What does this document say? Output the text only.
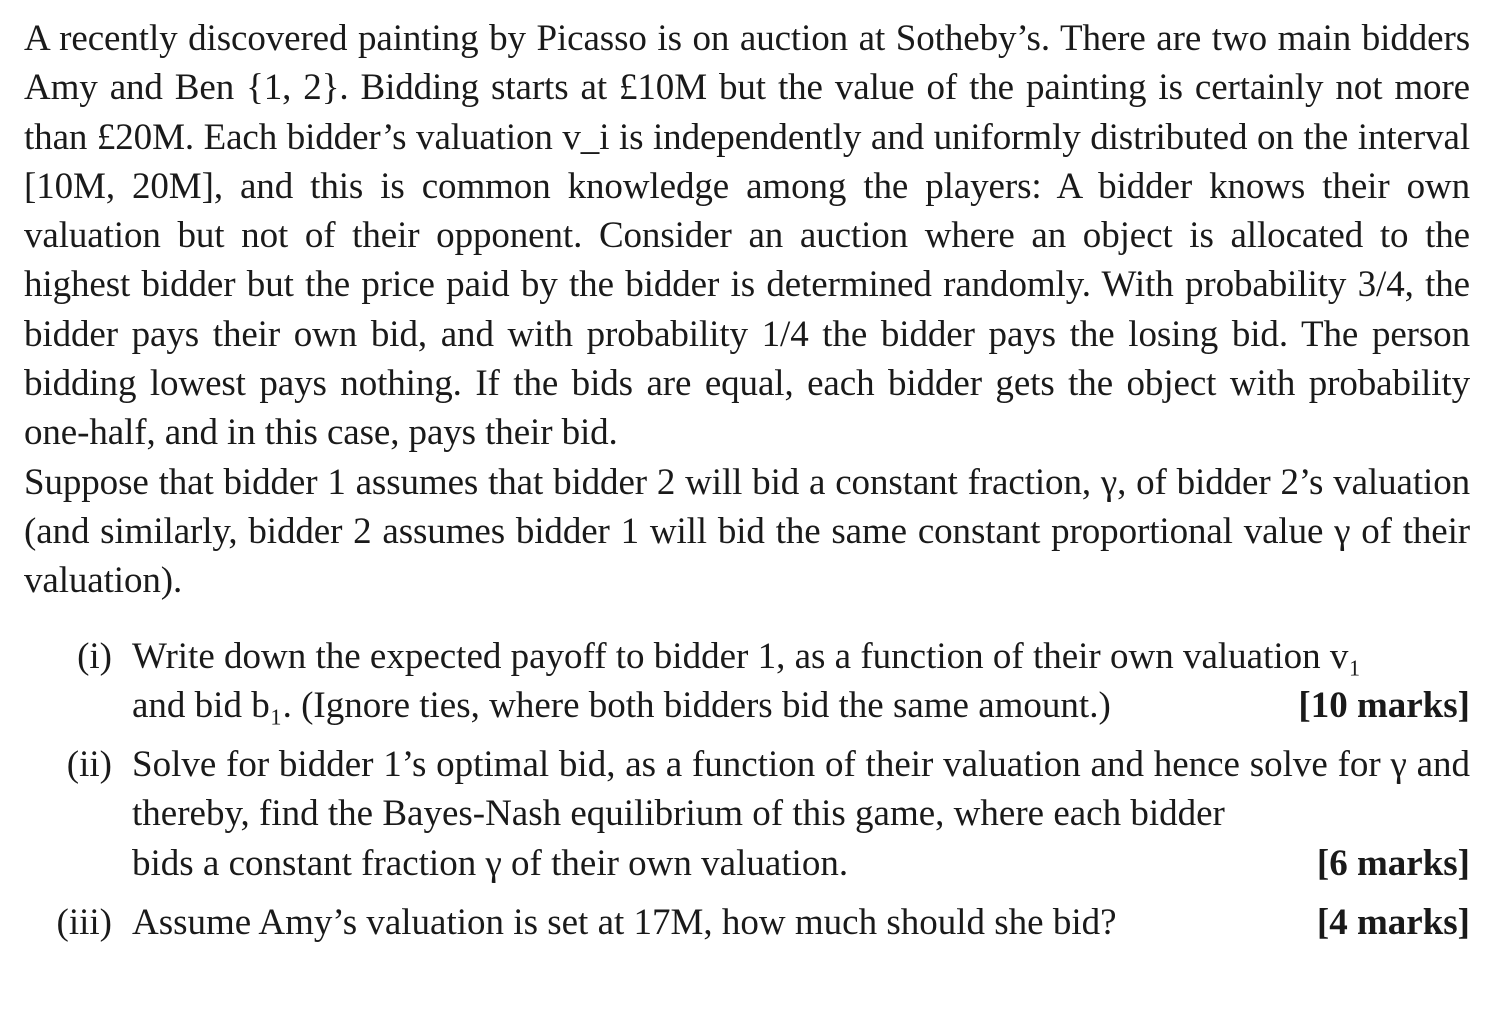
A recently discovered painting by Picasso is on auction at Sotheby’s. There are two main bidders Amy and Ben {1, 2}. Bidding starts at £10M but the value of the painting is certainly not more than £20M. Each bidder’s valuation v_i is independently and uniformly distributed on the interval [10M, 20M], and this is common knowledge among the players: A bidder knows their own valuation but not of their opponent. Consider an auction where an object is allocated to the highest bidder but the price paid by the bidder is determined randomly. With probability 3/4, the bidder pays their own bid, and with probability 1/4 the bidder pays the losing bid. The person bidding lowest pays nothing. If the bids are equal, each bidder gets the object with probability one-half, and in this case, pays their bid.

Suppose that bidder 1 assumes that bidder 2 will bid a constant fraction, γ, of bidder 2’s valuation (and similarly, bidder 2 assumes bidder 1 will bid the same constant proportional value γ of their valuation).

(i) Write down the expected payoff to bidder 1, as a function of their own valuation v₁
and bid b₁. (Ignore ties, where both bidders bid the same amount.)	[10 marks]
(ii) Solve for bidder 1’s optimal bid, as a function of their valuation and hence solve for γ and thereby, find the Bayes-Nash equilibrium of this game, where each bidder
bids a constant fraction γ of their own valuation.	[6 marks]
(iii) Assume Amy’s valuation is set at 17M, how much should she bid?	[4 marks]
